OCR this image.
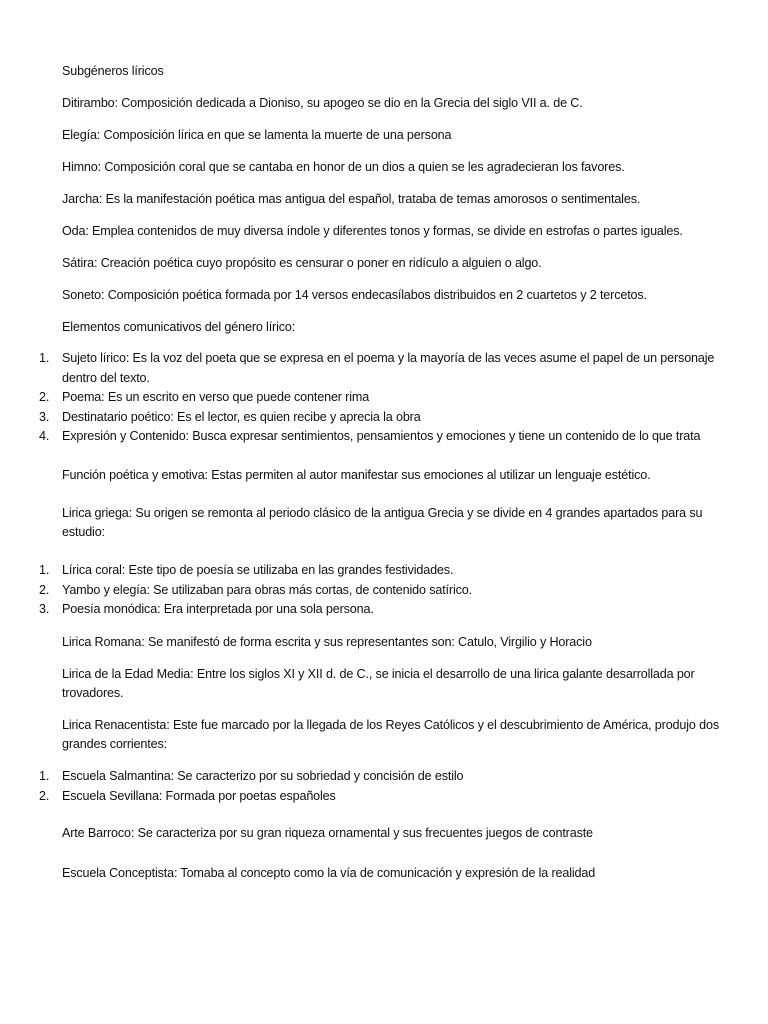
Subgéneros líricos

Ditirambo: Composición dedicada a Dioniso, su apogeo se dio en la Grecia del siglo VII a. de C.

Elegía: Composición lírica en que se lamenta la muerte de una persona

Himno: Composición coral que se cantaba en honor de un dios a quien se les agradecieran los favores.

Jarcha: Es la manifestación poética mas antigua del español, trataba de temas amorosos o sentimentales.

Oda: Emplea contenidos de muy diversa índole y diferentes tonos y formas, se divide en estrofas o partes iguales.

Sátira: Creación poética cuyo propósito es censurar o poner en ridículo a alguien o algo.

Soneto: Composición poética formada por 14 versos endecasílabos distribuidos en 2 cuartetos y 2 tercetos.

Elementos comunicativos del género lírico:

1. Sujeto lírico: Es la voz del poeta que se expresa en el poema y la mayoría de las veces asume el papel de un personaje dentro del texto.
2. Poema: Es un escrito en verso que puede contener rima
3. Destinatario poético: Es el lector, es quien recibe y aprecia la obra
4. Expresión y Contenido: Busca expresar sentimientos, pensamientos y emociones y tiene un contenido de lo que trata

Función poética y emotiva: Estas permiten al autor manifestar sus emociones al utilizar un lenguaje estético.

Lirica griega: Su origen se remonta al periodo clásico de la antigua Grecia y se divide en 4 grandes apartados para su estudio:

1. Lírica coral: Este tipo de poesía se utilizaba en las grandes festividades.
2. Yambo y elegía: Se utilizaban para obras más cortas, de contenido satírico.
3. Poesía monódica: Era interpretada por una sola persona.

Lirica Romana: Se manifestó de forma escrita y sus representantes son: Catulo, Virgilio y Horacio

Lirica de la Edad Media: Entre los siglos XI y XII d. de C., se inicia el desarrollo de una lirica galante desarrollada por trovadores.

Lirica Renacentista: Este fue marcado por la llegada de los Reyes Católicos y el descubrimiento de América, produjo dos grandes corrientes:

1. Escuela Salmantina: Se caracterizo por su sobriedad y concisión de estilo
2. Escuela Sevillana: Formada por poetas españoles

Arte Barroco: Se caracteriza por su gran riqueza ornamental y sus frecuentes juegos de contraste

Escuela Conceptista: Tomaba al concepto como la vía de comunicación y expresión de la realidad
